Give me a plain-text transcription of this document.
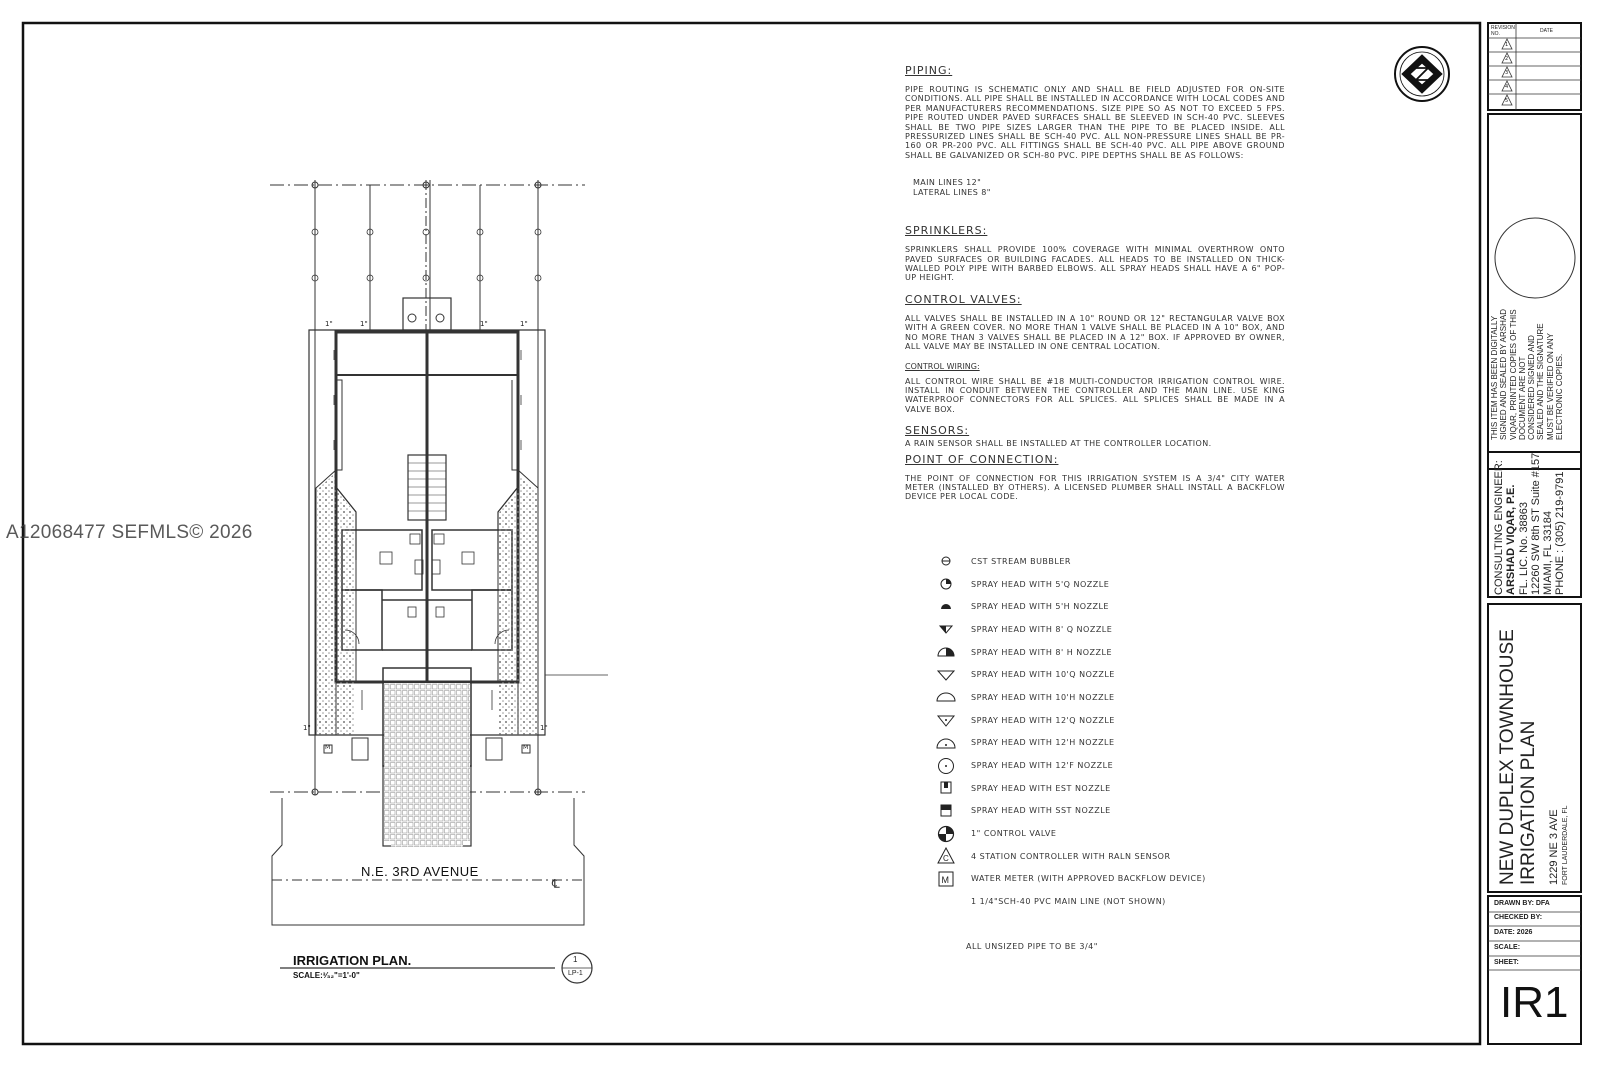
℄
A12068477 SEFMLS© 2026
N.E. 3RD AVENUE
IRRIGATION PLAN.
SCALE:³⁄₃₂"=1'-0"
1
LP-1
1"	1"	1"	1"
1"	1"
M	M
PIPING:

PIPE ROUTING IS SCHEMATIC ONLY AND SHALL BE FIELD ADJUSTED FOR ON-SITE CONDITIONS. ALL PIPE SHALL BE INSTALLED IN ACCORDANCE WITH LOCAL CODES AND PER MANUFACTURERS RECOMMENDATIONS. SIZE PIPE SO AS NOT TO EXCEED 5 FPS. PIPE ROUTED UNDER PAVED SURFACES SHALL BE SLEEVED IN SCH-40 PVC. SLEEVES SHALL BE TWO PIPE SIZES LARGER THAN THE PIPE TO BE PLACED INSIDE. ALL PRESSURIZED LINES SHALL BE SCH-40 PVC. ALL NON-PRESSURE LINES SHALL BE PR-160 OR PR-200 PVC. ALL FITTINGS SHALL BE SCH-40 PVC. ALL PIPE ABOVE GROUND SHALL BE GALVANIZED OR SCH-80 PVC. PIPE DEPTHS SHALL BE AS FOLLOWS:

MAIN LINES 12"
LATERAL LINES 8"
SPRINKLERS:

SPRINKLERS SHALL PROVIDE 100% COVERAGE WITH MINIMAL OVERTHROW ONTO PAVED SURFACES OR BUILDING FACADES. ALL HEADS TO BE INSTALLED ON THICK-WALLED POLY PIPE WITH BARBED ELBOWS. ALL SPRAY HEADS SHALL HAVE A 6" POP-UP HEIGHT.

CONTROL VALVES:

ALL VALVES SHALL BE INSTALLED IN A 10" ROUND OR 12" RECTANGULAR VALVE BOX WITH A GREEN COVER. NO MORE THAN 1 VALVE SHALL BE PLACED IN A 10" BOX, AND NO MORE THAN 3 VALVES SHALL BE PLACED IN A 12" BOX. IF APPROVED BY OWNER, ALL VALVE MAY BE INSTALLED IN ONE CENTRAL LOCATION.

CONTROL WIRING:

ALL CONTROL WIRE SHALL BE #18 MULTI-CONDUCTOR IRRIGATION CONTROL WIRE. INSTALL IN CONDUIT BETWEEN THE CONTROLLER AND THE MAIN LINE. USE KING WATERPROOF CONNECTORS FOR ALL SPLICES. ALL SPLICES SHALL BE MADE IN A VALVE BOX.

SENSORS:

A RAIN SENSOR SHALL BE INSTALLED AT THE CONTROLLER LOCATION.

POINT OF CONNECTION:

THE POINT OF CONNECTION FOR THIS IRRIGATION SYSTEM IS A 3/4" CITY WATER METER (INSTALLED BY OTHERS). A LICENSED PLUMBER SHALL INSTALL A BACKFLOW DEVICE PER LOCAL CODE.

CST STREAM BUBBLER
SPRAY HEAD WITH 5'Q NOZZLE
SPRAY HEAD WITH 5'H NOZZLE
SPRAY HEAD WITH 8' Q NOZZLE
SPRAY HEAD WITH 8' H NOZZLE
SPRAY HEAD WITH 10'Q NOZZLE
SPRAY HEAD WITH 10'H NOZZLE
SPRAY HEAD WITH 12'Q NOZZLE
SPRAY HEAD WITH 12'H NOZZLE
SPRAY HEAD WITH 12'F NOZZLE
SPRAY HEAD WITH EST NOZZLE
SPRAY HEAD WITH SST NOZZLE
1" CONTROL VALVE
C	4 STATION CONTROLLER WITH RALN SENSOR
M	WATER METER (WITH APPROVED BACKFLOW DEVICE)
1 1/4"SCH-40 PVC MAIN LINE (NOT SHOWN)
ALL UNSIZED PIPE TO BE 3/4"
REVISION NO.	DATE
1
2
3
4
5
THIS ITEM HAS BEEN DIGITALLY SIGNED AND SEALED BY ARSHAD VIQAR, PRINTED COPIES OF THIS DOCUMENT ARE NOT CONSIDERED SIGNED AND SEALED AND THE SIGNATURE MUST BE VERIFIED ON ANY ELECTRONIC COPIES.
CONSULTING ENGINEER: ARSHAD VIQAR, P.E. FL. LIC. No. 38863 12260 SW 8th ST Suite #157 MIAMI, FL 33184 PHONE : (305) 219-9791
NEW DUPLEX TOWNHOUSE IRRIGATION PLAN 1229 NE 3 AVE FORT LAUDERDALE, FL
DRAWN BY: DFA
CHECKED BY:
DATE: 2026
SCALE:
SHEET:
IR1
